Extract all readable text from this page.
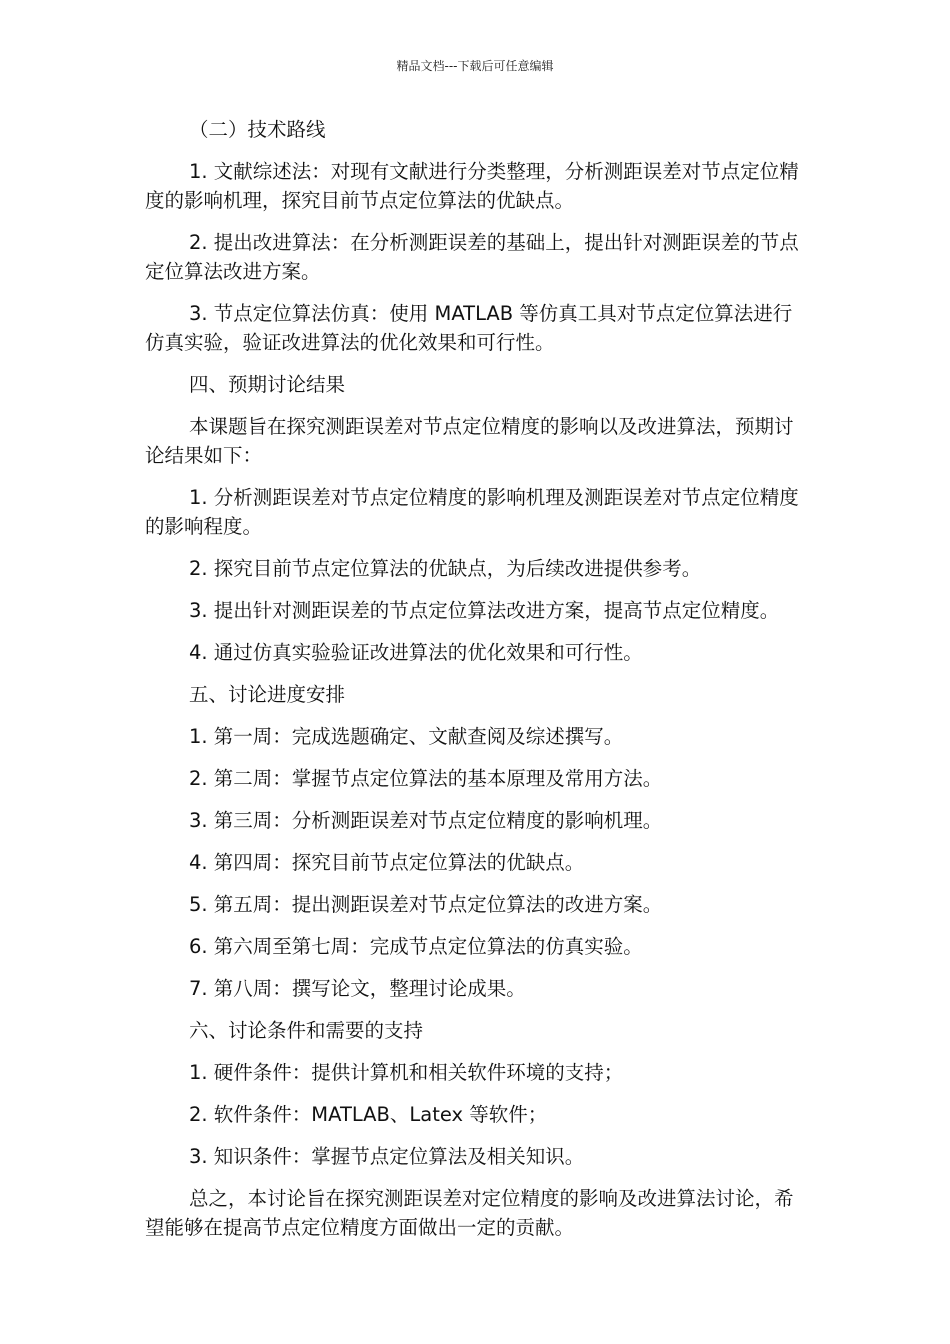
精品文档---下载后可任意编辑

（二）技术路线

1. 文献综述法：对现有文献进行分类整理，分析测距误差对节点定位精度的影响机理，探究目前节点定位算法的优缺点。

2. 提出改进算法：在分析测距误差的基础上，提出针对测距误差的节点定位算法改进方案。

3. 节点定位算法仿真：使用 MATLAB 等仿真工具对节点定位算法进行仿真实验，验证改进算法的优化效果和可行性。

四、预期讨论结果

本课题旨在探究测距误差对节点定位精度的影响以及改进算法，预期讨论结果如下：

1. 分析测距误差对节点定位精度的影响机理及测距误差对节点定位精度的影响程度。

2. 探究目前节点定位算法的优缺点，为后续改进提供参考。

3. 提出针对测距误差的节点定位算法改进方案，提高节点定位精度。

4. 通过仿真实验验证改进算法的优化效果和可行性。

五、讨论进度安排

1. 第一周：完成选题确定、文献查阅及综述撰写。

2. 第二周：掌握节点定位算法的基本原理及常用方法。

3. 第三周：分析测距误差对节点定位精度的影响机理。

4. 第四周：探究目前节点定位算法的优缺点。

5. 第五周：提出测距误差对节点定位算法的改进方案。

6. 第六周至第七周：完成节点定位算法的仿真实验。

7. 第八周：撰写论文，整理讨论成果。

六、讨论条件和需要的支持

1. 硬件条件：提供计算机和相关软件环境的支持；

2. 软件条件：MATLAB、Latex 等软件；

3. 知识条件：掌握节点定位算法及相关知识。

总之，本讨论旨在探究测距误差对定位精度的影响及改进算法讨论，希望能够在提高节点定位精度方面做出一定的贡献。
